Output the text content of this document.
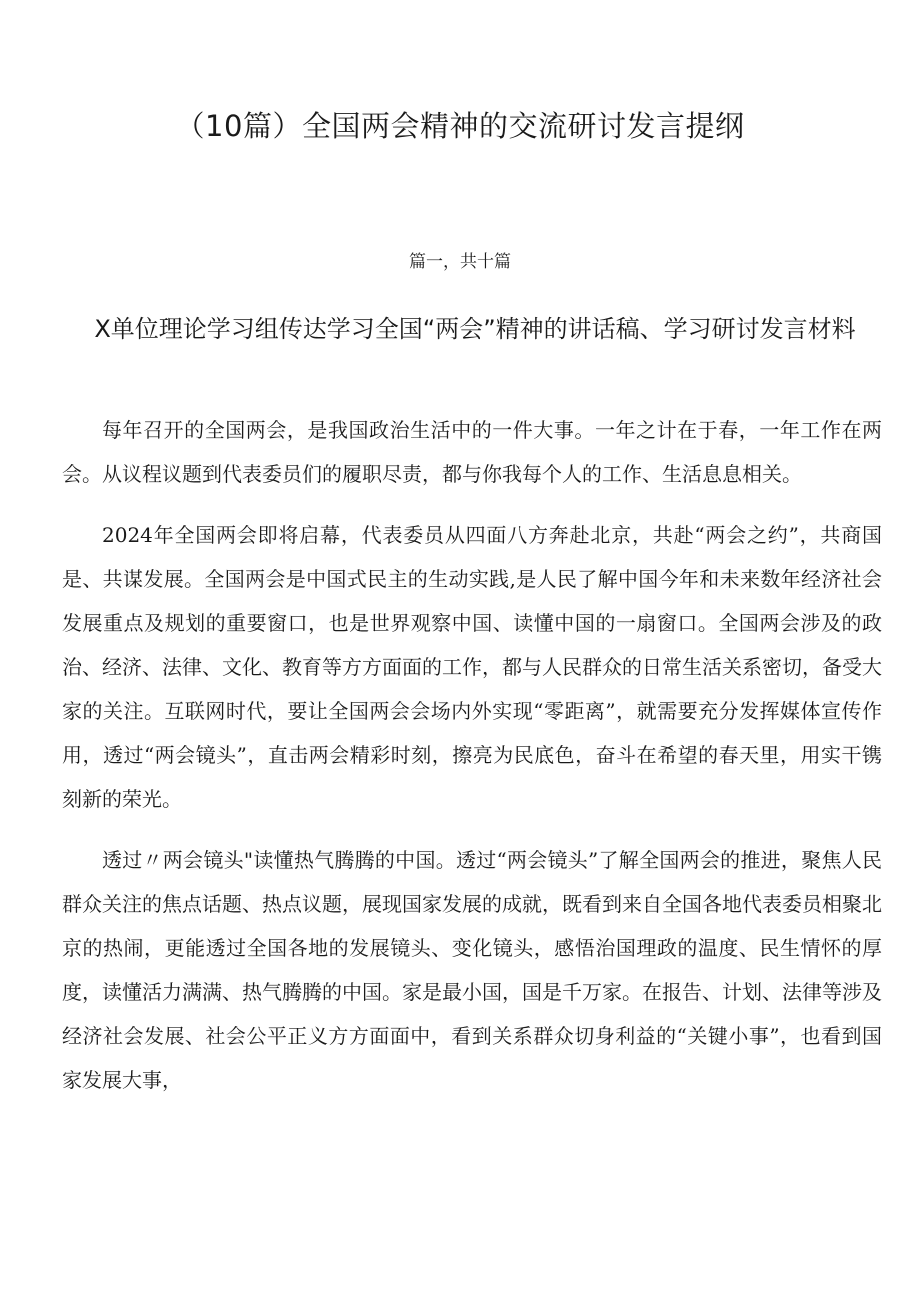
（10篇）全国两会精神的交流研讨发言提纲
篇一，共十篇
X单位理论学习组传达学习全国“两会”精神的讲话稿、学习研讨发言材料

每年召开的全国两会，是我国政治生活中的一件大事。一年之计在于春，一年工作在两会。从议程议题到代表委员们的履职尽责，都与你我每个人的工作、生活息息相关。

2024年全国两会即将启幕，代表委员从四面八方奔赴北京，共赴“两会之约”，共商国是、共谋发展。全国两会是中国式民主的生动实践,是人民了解中国今年和未来数年经济社会发展重点及规划的重要窗口，也是世界观察中国、读懂中国的一扇窗口。全国两会涉及的政治、经济、法律、文化、教育等方方面面的工作，都与人民群众的日常生活关系密切，备受大家的关注。互联网时代，要让全国两会会场内外实现“零距离”，就需要充分发挥媒体宣传作用，透过“两会镜头”，直击两会精彩时刻，擦亮为民底色，奋斗在希望的春天里，用实干镌刻新的荣光。

透过〃两会镜头"读懂热气腾腾的中国。透过“两会镜头”了解全国两会的推进，聚焦人民群众关注的焦点话题、热点议题，展现国家发展的成就，既看到来自全国各地代表委员相聚北京的热闹，更能透过全国各地的发展镜头、变化镜头，感悟治国理政的温度、民生情怀的厚度，读懂活力满满、热气腾腾的中国。家是最小国，国是千万家。在报告、计划、法律等涉及经济社会发展、社会公平正义方方面面中，看到关系群众切身利益的“关键小事”，也看到国家发展大事，
